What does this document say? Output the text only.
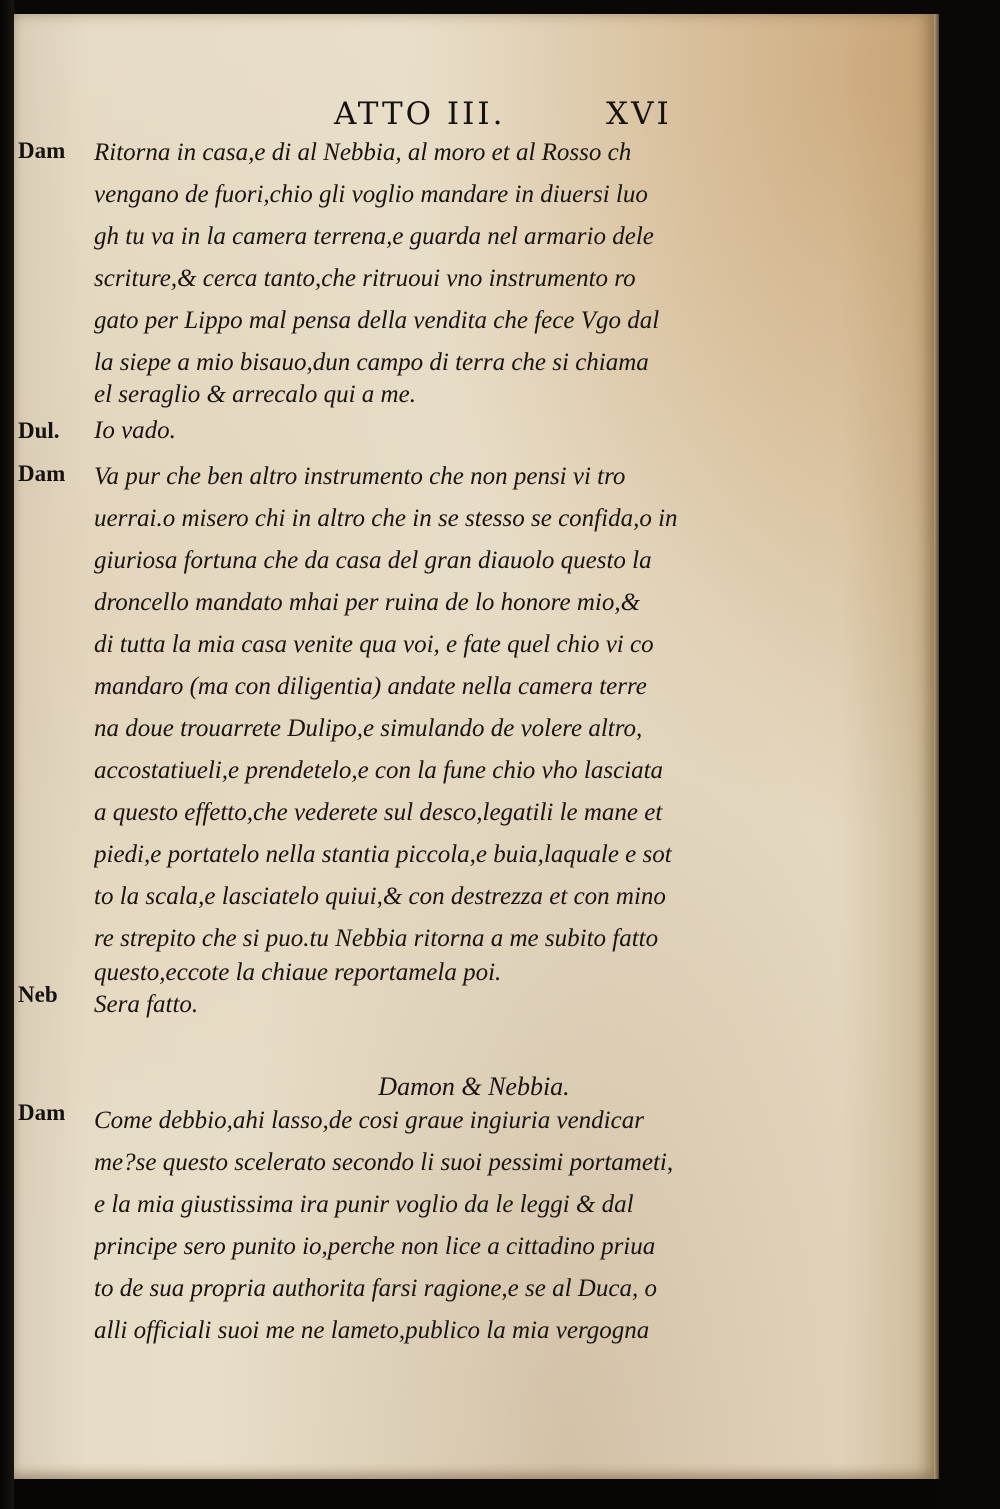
ATTO III.	XVI
Dam
Dul.
Dam
Neb
Dam
Ritorna in casa,e di al Nebbia, al moro et al Rosso ch
vengano de fuori,chio gli voglio mandare in diuersi luo
gh tu va in la camera terrena,e guarda nel armario dele
scriture,& cerca tanto,che ritruoui vno instrumento ro
gato per Lippo mal pensa della vendita che fece Vgo dal
la siepe a mio bisauo,dun campo di terra che si chiama
el seraglio & arrecalo qui a me.
Io vado.
Va pur che ben altro instrumento che non pensi vi tro
uerrai.o misero chi in altro che in se stesso se confida,o in
giuriosa fortuna che da casa del gran diauolo questo la
droncello mandato mhai per ruina de lo honore mio,&
di tutta la mia casa venite qua voi, e fate quel chio vi co
mandaro (ma con diligentia) andate nella camera terre
na doue trouarrete Dulipo,e simulando de volere altro,
accostatiueli,e prendetelo,e con la fune chio vho lasciata
a questo effetto,che vederete sul desco,legatili le mane et
piedi,e portatelo nella stantia piccola,e buia,laquale e sot
to la scala,e lasciatelo quiui,& con destrezza et con mino
re strepito che si puo.tu Nebbia ritorna a me subito fatto
questo,eccote la chiaue reportamela poi.
Sera fatto.
Damon & Nebbia.
Come debbio,ahi lasso,de cosi graue ingiuria vendicar
me?se questo scelerato secondo li suoi pessimi portameti,
e la mia giustissima ira punir voglio da le leggi & dal
principe sero punito io,perche non lice a cittadino priua
to de sua propria authorita farsi ragione,e se al Duca, o
alli officiali suoi me ne lameto,publico la mia vergogna
